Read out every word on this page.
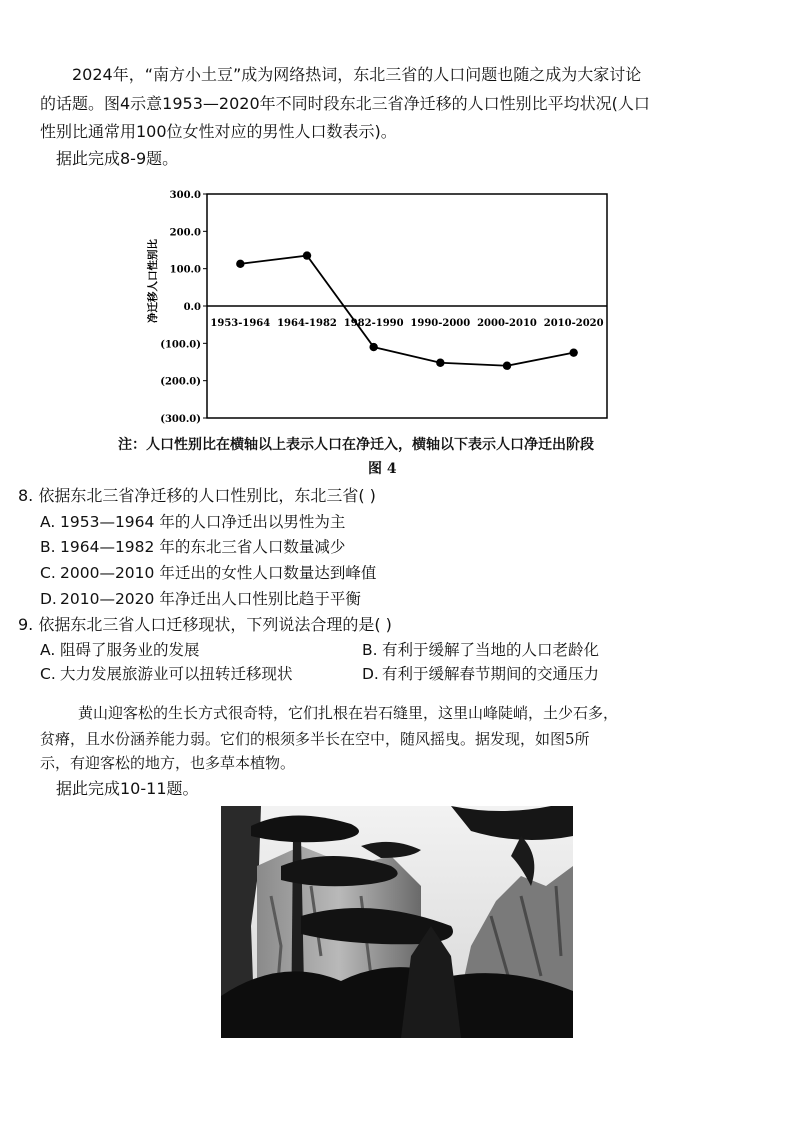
2024年，“南方小土豆”成为网络热词，东北三省的人口问题也随之成为大家讨论
的话题。图4示意1953—2020年不同时段东北三省净迁移的人口性别比平均状况(人口
性别比通常用100位女性对应的男性人口数表示)。
据此完成8-9题。
300.0
200.0
100.0
0.0
(100.0)
(200.0)
(300.0)
净迁移人口性别比
1953-1964 1964-1982 1982-1990 1990-2000 2000-2010 2010-2020
注：人口性别比在横轴以上表示人口在净迁入，横轴以下表示人口净迁出阶段
图 4
8. 依据东北三省净迁移的人口性别比，东北三省( )
A. 1953—1964 年的人口净迁出以男性为主
B. 1964—1982 年的东北三省人口数量减少
C. 2000—2010 年迁出的女性人口数量达到峰值
D. 2010—2020 年净迁出人口性别比趋于平衡
9. 依据东北三省人口迁移现状，下列说法合理的是( )
A. 阻碍了服务业的发展	B. 有利于缓解了当地的人口老龄化
C. 大力发展旅游业可以扭转迁移现状	D. 有利于缓解春节期间的交通压力
黄山迎客松的生长方式很奇特，它们扎根在岩石缝里，这里山峰陡峭，土少石多，
贫瘠，且水份涵养能力弱。它们的根须多半长在空中，随风摇曳。据发现，如图5所
示，有迎客松的地方，也多草本植物。
据此完成10-11题。
